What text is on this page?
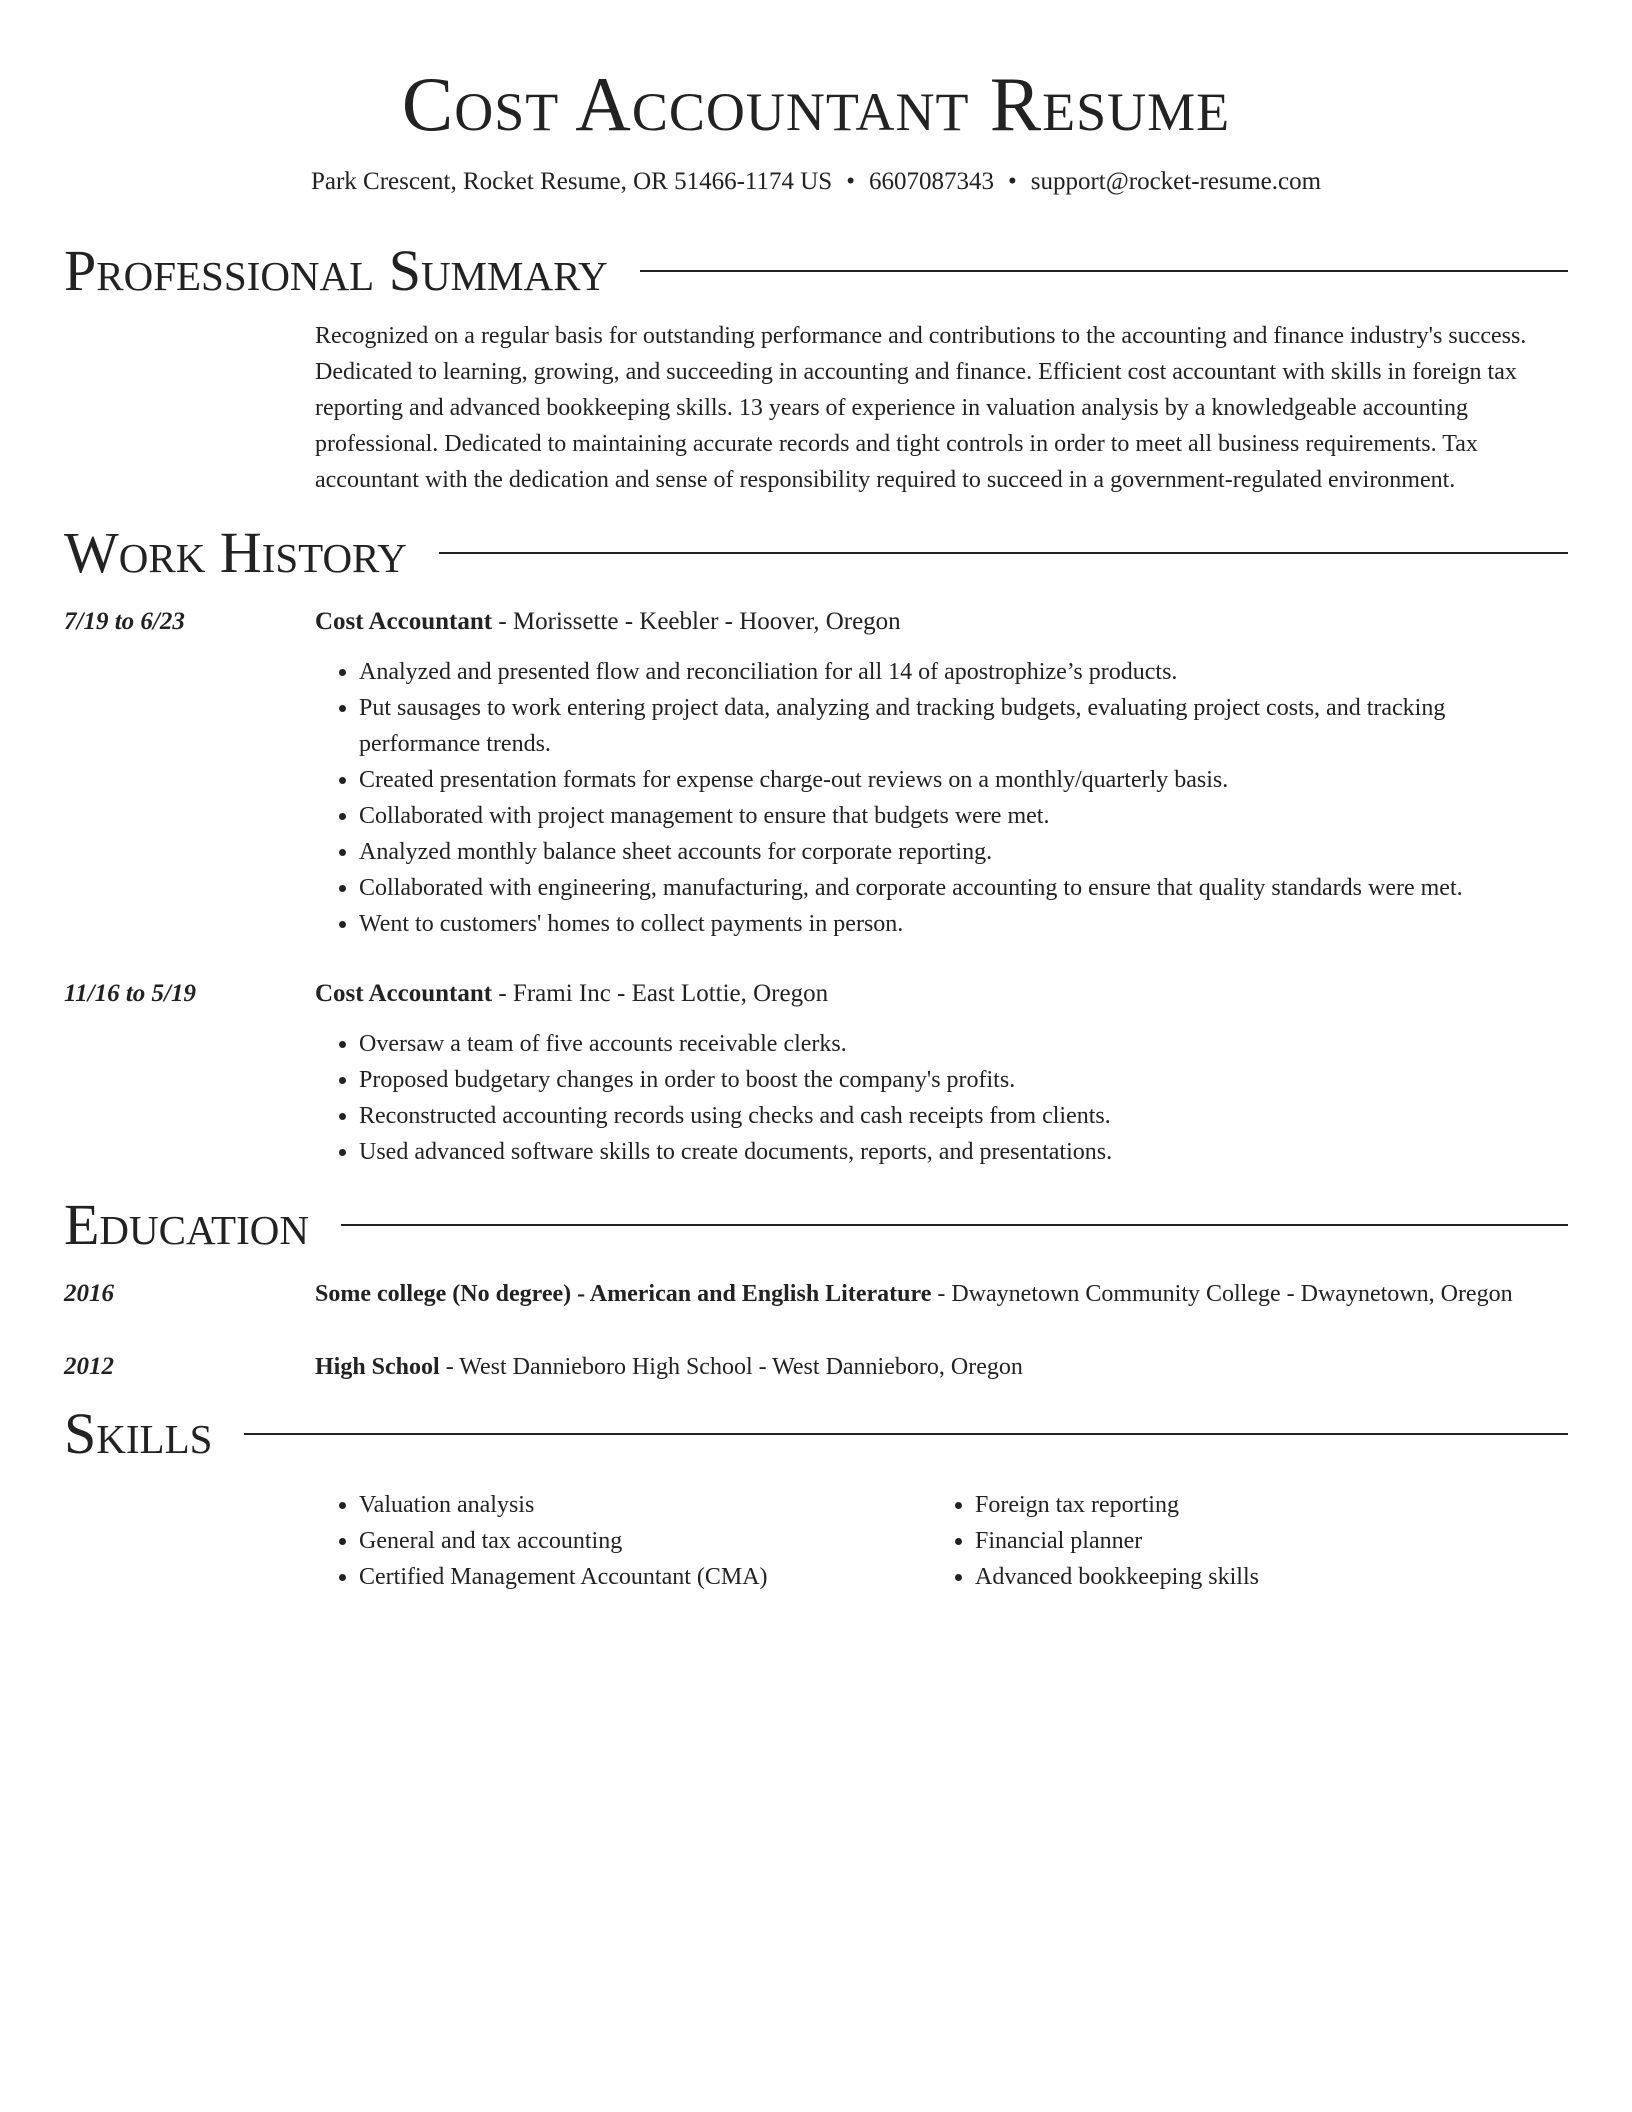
Cost Accountant Resume
Park Crescent, Rocket Resume, OR 51466-1174 US • 6607087343 • support@rocket-resume.com
Professional Summary
Recognized on a regular basis for outstanding performance and contributions to the accounting and finance industry's success. Dedicated to learning, growing, and succeeding in accounting and finance. Efficient cost accountant with skills in foreign tax reporting and advanced bookkeeping skills. 13 years of experience in valuation analysis by a knowledgeable accounting professional. Dedicated to maintaining accurate records and tight controls in order to meet all business requirements. Tax accountant with the dedication and sense of responsibility required to succeed in a government-regulated environment.
Work History
7/19 to 6/23	Cost Accountant - Morissette - Keebler - Hoover, Oregon
• Analyzed and presented flow and reconciliation for all 14 of apostrophize’s products.
• Put sausages to work entering project data, analyzing and tracking budgets, evaluating project costs, and tracking performance trends.
• Created presentation formats for expense charge-out reviews on a monthly/quarterly basis.
• Collaborated with project management to ensure that budgets were met.
• Analyzed monthly balance sheet accounts for corporate reporting.
• Collaborated with engineering, manufacturing, and corporate accounting to ensure that quality standards were met.
• Went to customers' homes to collect payments in person.
11/16 to 5/19	Cost Accountant - Frami Inc - East Lottie, Oregon
• Oversaw a team of five accounts receivable clerks.
• Proposed budgetary changes in order to boost the company's profits.
• Reconstructed accounting records using checks and cash receipts from clients.
• Used advanced software skills to create documents, reports, and presentations.
Education
2016	Some college (No degree) - American and English Literature - Dwaynetown Community College - Dwaynetown, Oregon
2012	High School - West Dannieboro High School - West Dannieboro, Oregon
Skills
• Valuation analysis
• General and tax accounting
• Certified Management Accountant (CMA)
• Foreign tax reporting
• Financial planner
• Advanced bookkeeping skills
